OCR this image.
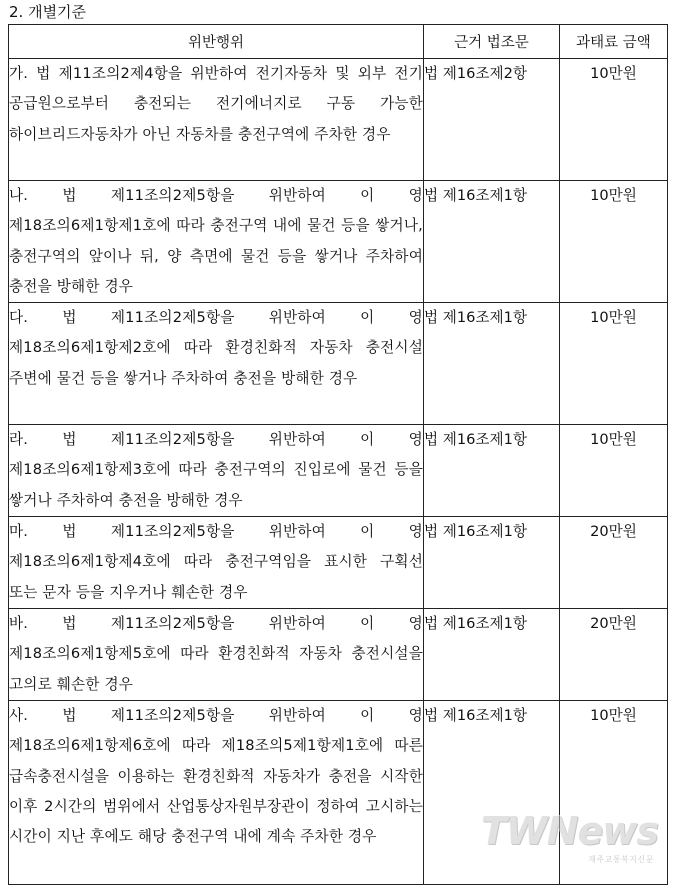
2. 개별기준
위반행위	근거 법조문	과태료 금액
가. 법 제11조의2제4항을 위반하여 전기자동차 및 외부 전기 공급원으로부터 충전되는 전기에너지로 구동 가능한 하이브리드자동차가 아닌 자동차를 충전구역에 주차한 경우	법 제16조제2항	10만원
나. 법 제11조의2제5항을 위반하여 이 영 제18조의6제1항제1호에 따라 충전구역 내에 물건 등을 쌓거나, 충전구역의 앞이나 뒤, 양 측면에 물건 등을 쌓거나 주차하여 충전을 방해한 경우	법 제16조제1항	10만원
다. 법 제11조의2제5항을 위반하여 이 영 제18조의6제1항제2호에 따라 환경친화적 자동차 충전시설 주변에 물건 등을 쌓거나 주차하여 충전을 방해한 경우	법 제16조제1항	10만원
라. 법 제11조의2제5항을 위반하여 이 영 제18조의6제1항제3호에 따라 충전구역의 진입로에 물건 등을 쌓거나 주차하여 충전을 방해한 경우	법 제16조제1항	10만원
마. 법 제11조의2제5항을 위반하여 이 영 제18조의6제1항제4호에 따라 충전구역임을 표시한 구획선 또는 문자 등을 지우거나 훼손한 경우	법 제16조제1항	20만원
바. 법 제11조의2제5항을 위반하여 이 영 제18조의6제1항제5호에 따라 환경친화적 자동차 충전시설을 고의로 훼손한 경우	법 제16조제1항	20만원
사. 법 제11조의2제5항을 위반하여 이 영 제18조의6제1항제6호에 따라 제18조의5제1항제1호에 따른 급속충전시설을 이용하는 환경친화적 자동차가 충전을 시작한 이후 2시간의 범위에서 산업통상자원부장관이 정하여 고시하는 시간이 지난 후에도 해당 충전구역 내에 계속 주차한 경우	법 제16조제1항	10만원
TWNews
재주교통복지신문
